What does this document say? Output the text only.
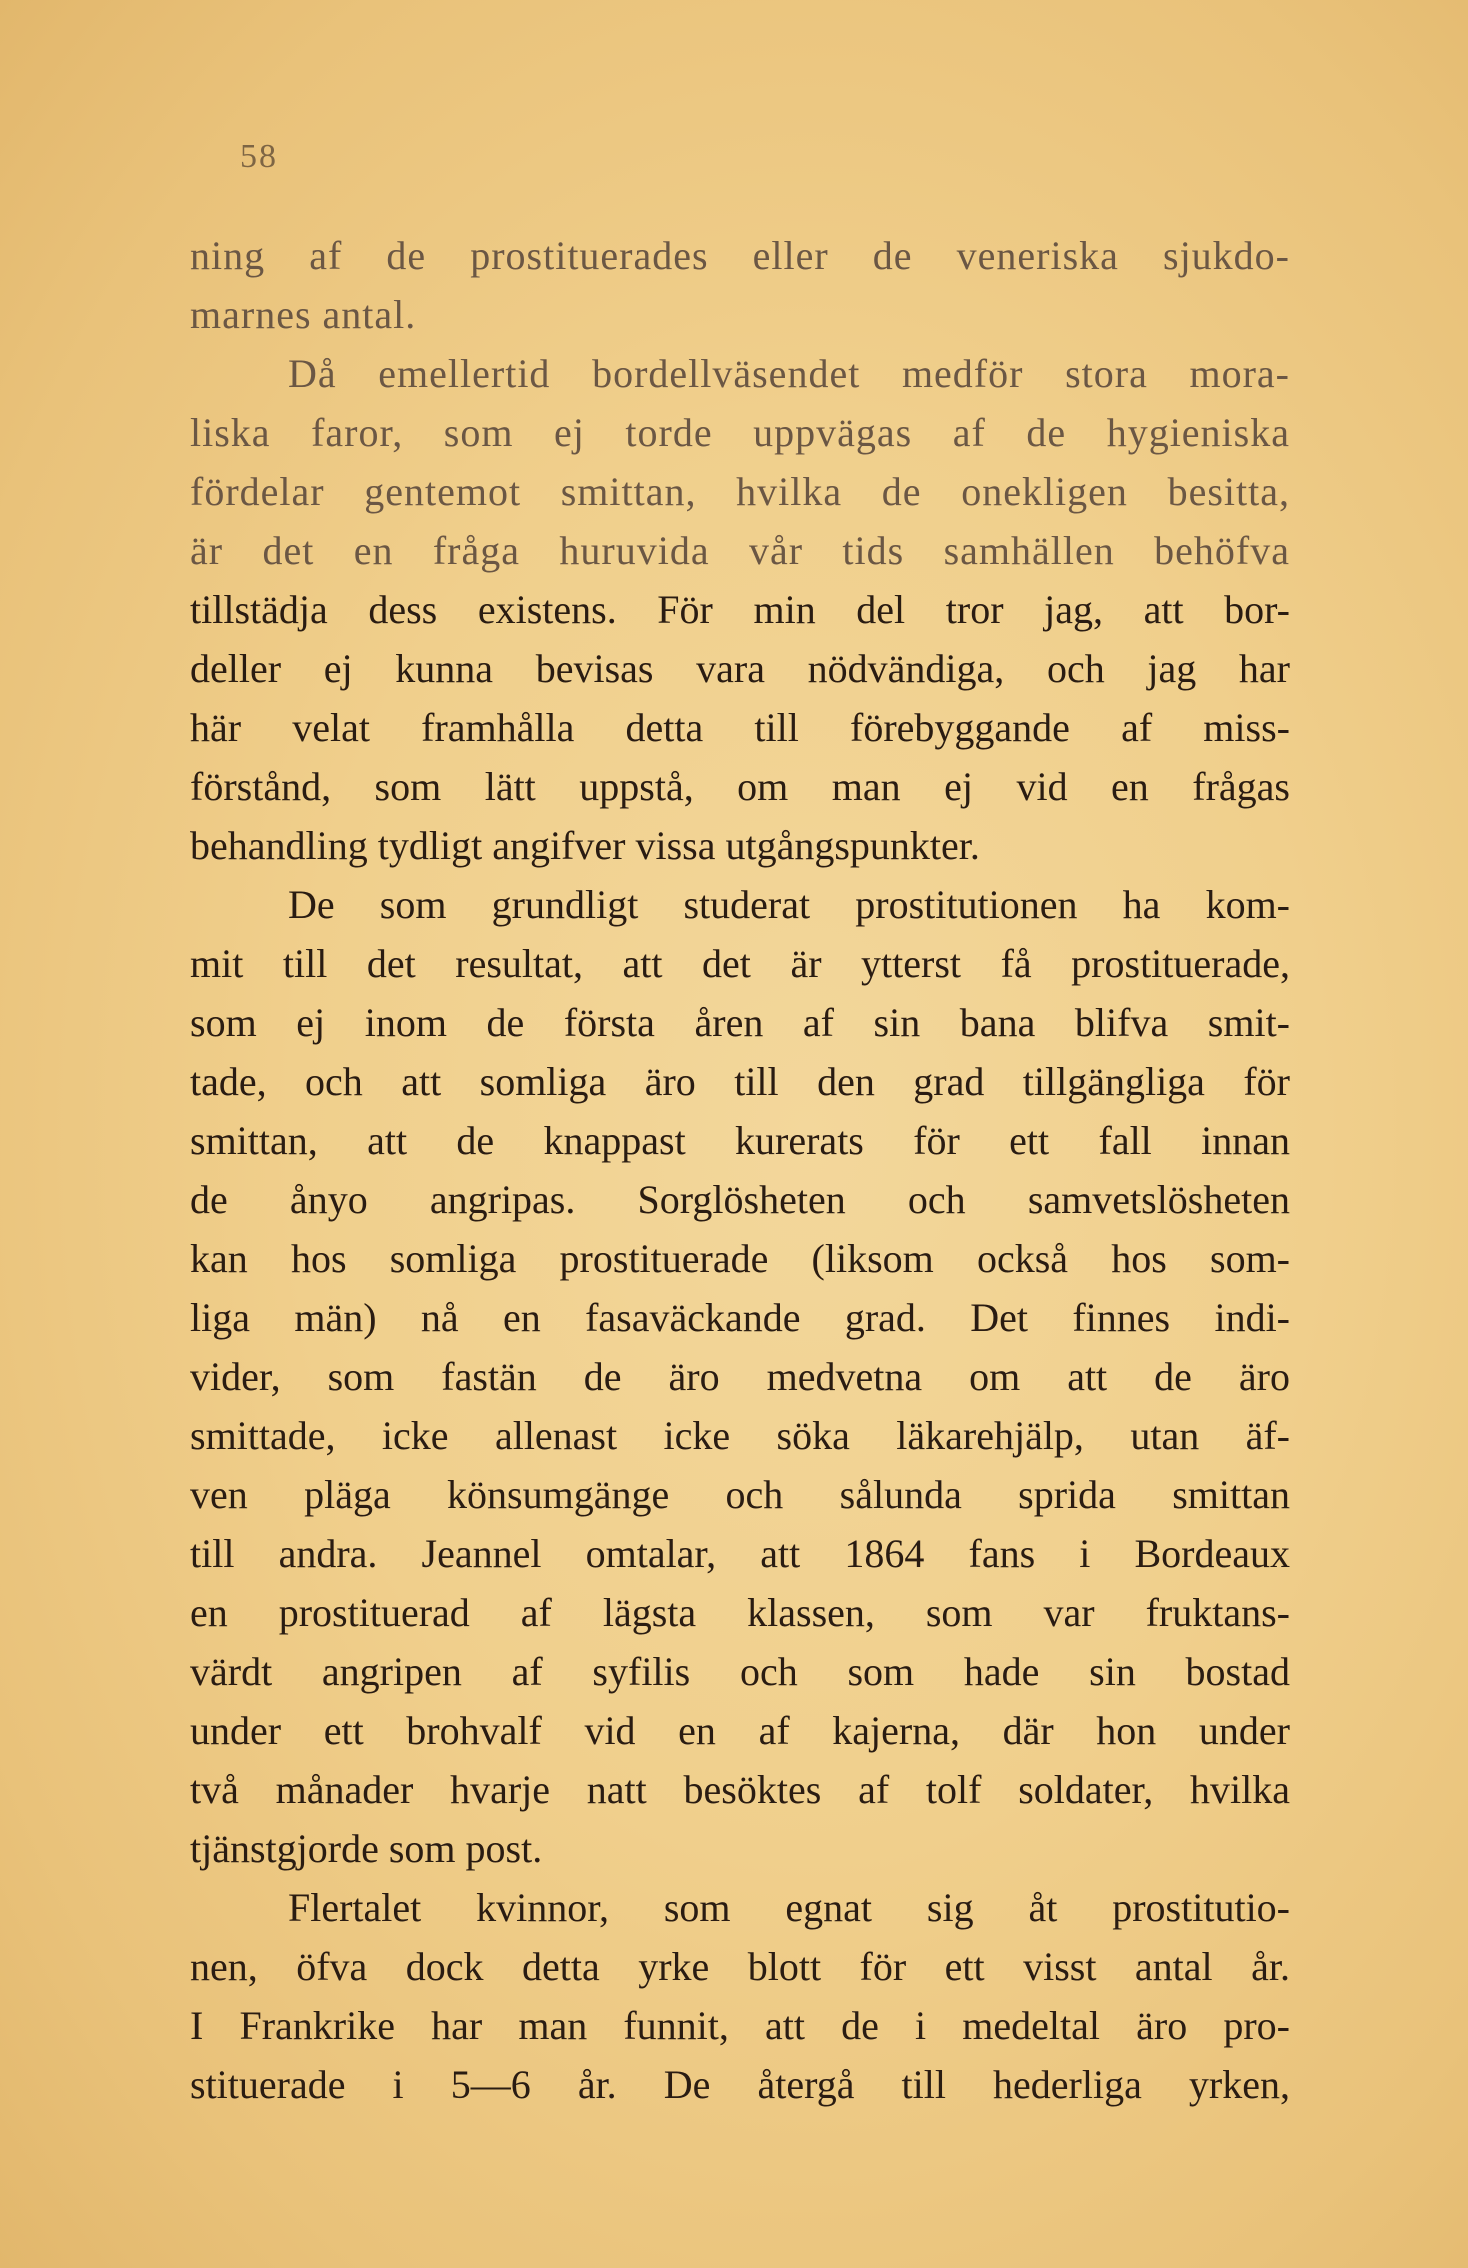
58
ning af de prostituerades eller de veneriska sjukdo-
marnes antal.
Då emellertid bordellväsendet medför stora mora-
liska faror, som ej torde uppvägas af de hygieniska
fördelar gentemot smittan, hvilka de onekligen besitta,
är det en fråga huruvida vår tids samhällen behöfva
tillstädja dess existens. För min del tror jag, att bor-
deller ej kunna bevisas vara nödvändiga, och jag har
här velat framhålla detta till förebyggande af miss-
förstånd, som lätt uppstå, om man ej vid en frågas
behandling tydligt angifver vissa utgångspunkter.
De som grundligt studerat prostitutionen ha kom-
mit till det resultat, att det är ytterst få prostituerade,
som ej inom de första åren af sin bana blifva smit-
tade, och att somliga äro till den grad tillgängliga för
smittan, att de knappast kurerats för ett fall innan
de ånyo angripas. Sorglösheten och samvetslösheten
kan hos somliga prostituerade (liksom också hos som-
liga män) nå en fasaväckande grad. Det finnes indi-
vider, som fastän de äro medvetna om att de äro
smittade, icke allenast icke söka läkarehjälp, utan äf-
ven pläga könsumgänge och sålunda sprida smittan
till andra. Jeannel omtalar, att 1864 fans i Bordeaux
en prostituerad af lägsta klassen, som var fruktans-
värdt angripen af syfilis och som hade sin bostad
under ett brohvalf vid en af kajerna, där hon under
två månader hvarje natt besöktes af tolf soldater, hvilka
tjänstgjorde som post.
Flertalet kvinnor, som egnat sig åt prostitutio-
nen, öfva dock detta yrke blott för ett visst antal år.
I Frankrike har man funnit, att de i medeltal äro pro-
stituerade i 5—6 år. De återgå till hederliga yrken,
